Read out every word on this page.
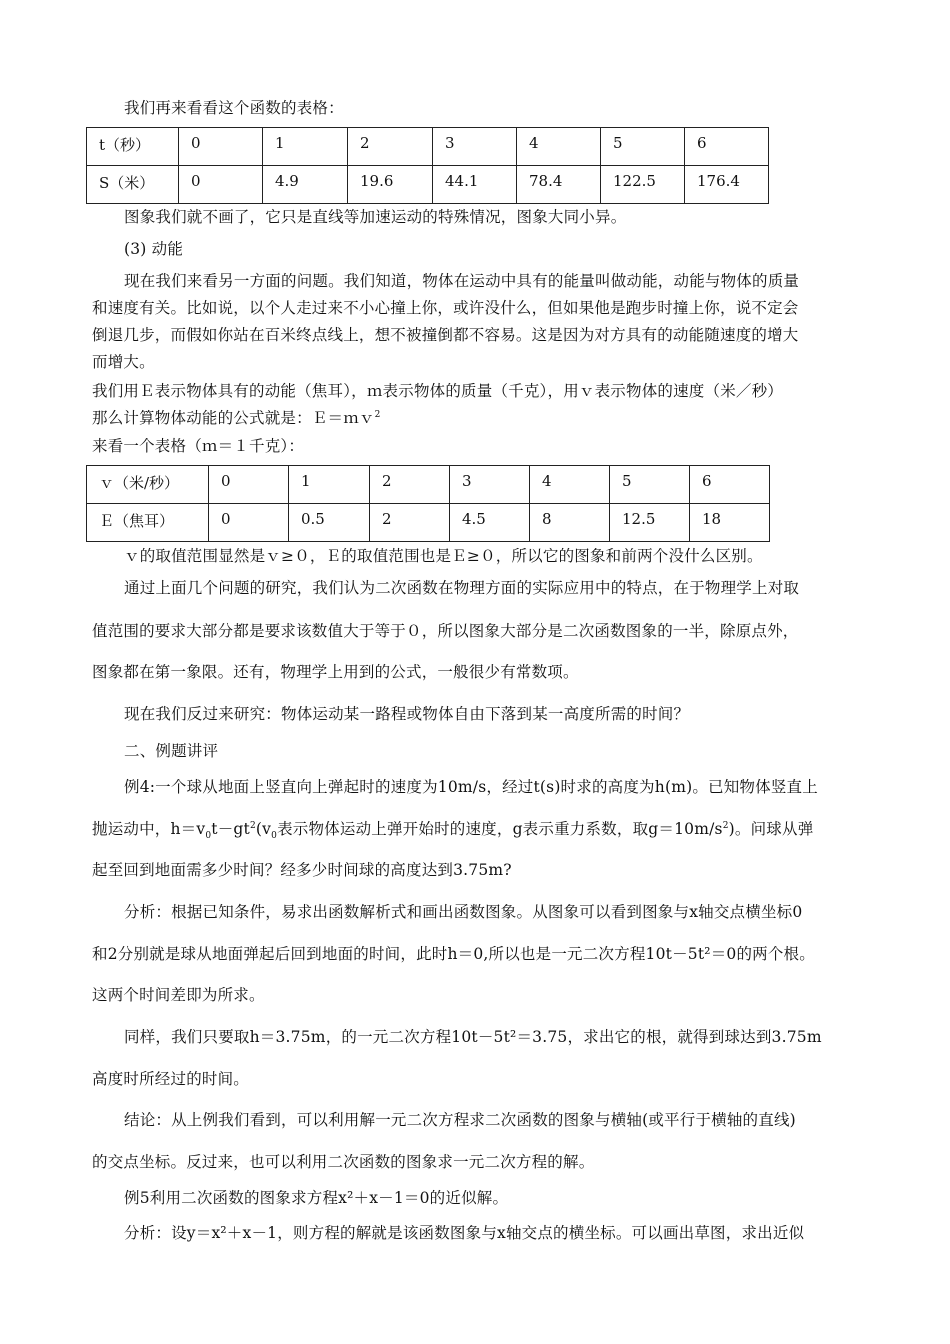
我们再来看看这个函数的表格：
t（秒）	0	1	2	3	4	5	6
S（米）	0	4.9	19.6	44.1	78.4	122.5	176.4
图象我们就不画了，它只是直线等加速运动的特殊情况，图象大同小异。
(3) 动能
现在我们来看另一方面的问题。我们知道，物体在运动中具有的能量叫做动能，动能与物体的质量
和速度有关。比如说，以个人走过来不小心撞上你，或许没什么，但如果他是跑步时撞上你，说不定会
倒退几步，而假如你站在百米终点线上，想不被撞倒都不容易。这是因为对方具有的动能随速度的增大
而增大。
我们用Ｅ表示物体具有的动能（焦耳），ｍ表示物体的质量（千克），用ｖ表示物体的速度（米／秒）
那么计算物体动能的公式就是：Ｅ＝ｍｖ$^2$
来看一个表格（ｍ＝１千克）：
ｖ（米/秒）	0	1	2	3	4	5	6
Ｅ（焦耳）	0	0.5	2	4.5	8	12.5	18
ｖ的取值范围显然是ｖ≥０，Ｅ的取值范围也是Ｅ≥０，所以它的图象和前两个没什么区别。
通过上面几个问题的研究，我们认为二次函数在物理方面的实际应用中的特点，在于物理学上对取
值范围的要求大部分都是要求该数值大于等于０，所以图象大部分是二次函数图象的一半，除原点外，
图象都在第一象限。还有，物理学上用到的公式，一般很少有常数项。
现在我们反过来研究：物体运动某一路程或物体自由下落到某一高度所需的时间？
二、例题讲评
例4:一个球从地面上竖直向上弹起时的速度为10m/s，经过t(s)时求的高度为h(m)。已知物体竖直上
抛运动中，$h=v_0t-gt^2(v_0$表示物体运动上弹开始时的速度，g表示重力系数，取$g=10m/s^2$)。问球从弹
起至回到地面需多少时间？经多少时间球的高度达到3.75m?
分析：根据已知条件，易求出函数解析式和画出函数图象。从图象可以看到图象与x轴交点横坐标0
和2分别就是球从地面弹起后回到地面的时间，此时h＝0,所以也是一元二次方程10t－5t²＝0的两个根。
这两个时间差即为所求。
同样，我们只要取h＝3.75m，的一元二次方程10t－5t²＝3.75，求出它的根，就得到球达到3.75m
高度时所经过的时间。
结论：从上例我们看到，可以利用解一元二次方程求二次函数的图象与横轴(或平行于横轴的直线)
的交点坐标。反过来，也可以利用二次函数的图象求一元二次方程的解。
例5利用二次函数的图象求方程x²＋x－1＝0的近似解。
分析：设y＝x²＋x－1，则方程的解就是该函数图象与x轴交点的横坐标。可以画出草图，求出近似
